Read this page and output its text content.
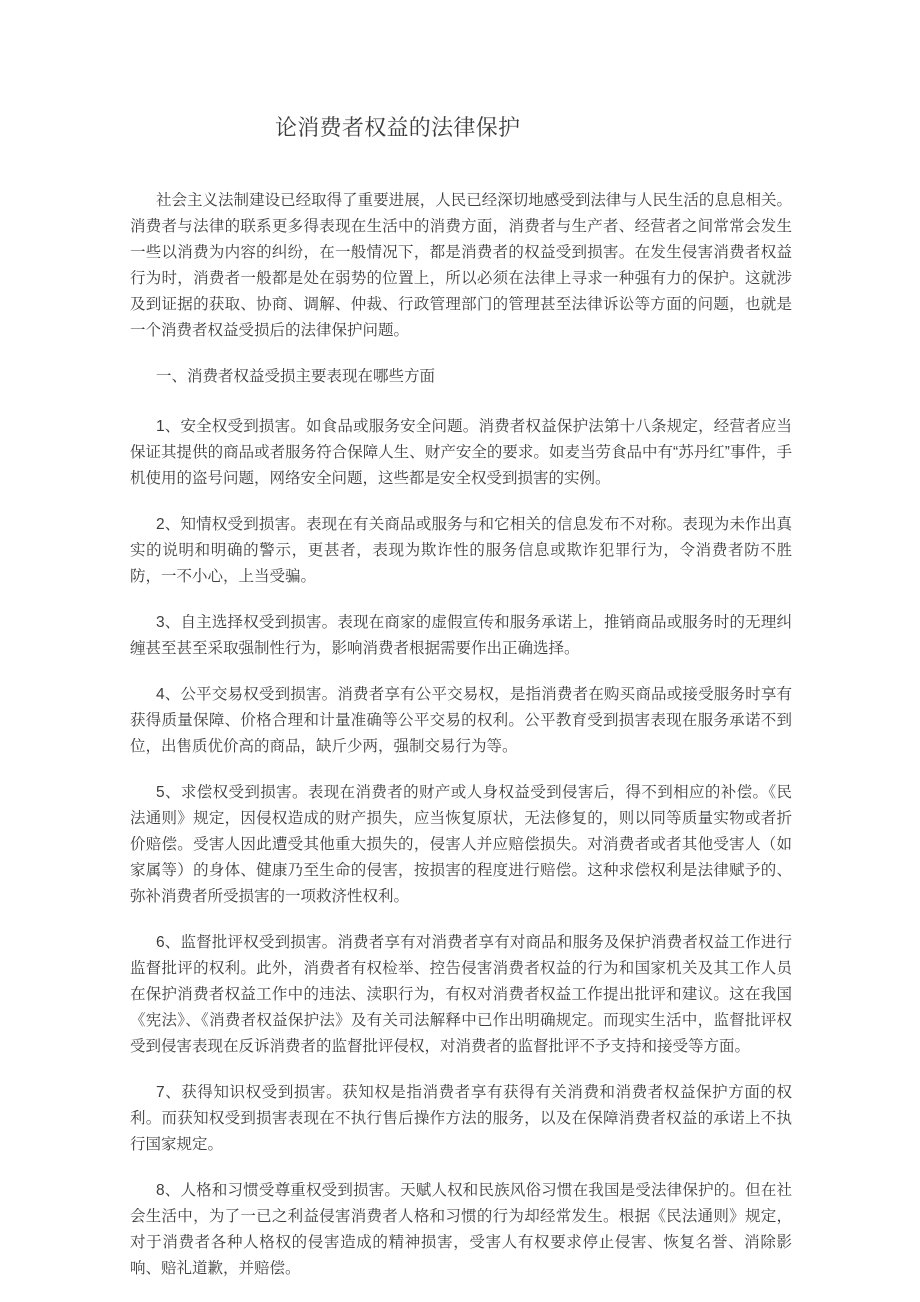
论消费者权益的法律保护

社会主义法制建设已经取得了重要进展，人民已经深切地感受到法律与人民生活的息息相关。消费者与法律的联系更多得表现在生活中的消费方面，消费者与生产者、经营者之间常常会发生一些以消费为内容的纠纷，在一般情况下，都是消费者的权益受到损害。在发生侵害消费者权益行为时，消费者一般都是处在弱势的位置上，所以必须在法律上寻求一种强有力的保护。这就涉及到证据的获取、协商、调解、仲裁、行政管理部门的管理甚至法律诉讼等方面的问题，也就是一个消费者权益受损后的法律保护问题。

一、消费者权益受损主要表现在哪些方面

1、安全权受到损害。如食品或服务安全问题。消费者权益保护法第十八条规定，经营者应当保证其提供的商品或者服务符合保障人生、财产安全的要求。如麦当劳食品中有“苏丹红”事件，手机使用的盗号问题，网络安全问题，这些都是安全权受到损害的实例。

2、知情权受到损害。表现在有关商品或服务与和它相关的信息发布不对称。表现为未作出真实的说明和明确的警示，更甚者，表现为欺诈性的服务信息或欺诈犯罪行为，令消费者防不胜防，一不小心，上当受骗。

3、自主选择权受到损害。表现在商家的虚假宣传和服务承诺上，推销商品或服务时的无理纠缠甚至甚至采取强制性行为，影响消费者根据需要作出正确选择。

4、公平交易权受到损害。消费者享有公平交易权，是指消费者在购买商品或接受服务时享有获得质量保障、价格合理和计量准确等公平交易的权利。公平教育受到损害表现在服务承诺不到位，出售质优价高的商品，缺斤少两，强制交易行为等。

5、求偿权受到损害。表现在消费者的财产或人身权益受到侵害后，得不到相应的补偿。《民法通则》规定，因侵权造成的财产损失，应当恢复原状，无法修复的，则以同等质量实物或者折价赔偿。受害人因此遭受其他重大损失的，侵害人并应赔偿损失。对消费者或者其他受害人（如家属等）的身体、健康乃至生命的侵害，按损害的程度进行赔偿。这种求偿权利是法律赋予的、弥补消费者所受损害的一项救济性权利。

6、监督批评权受到损害。消费者享有对消费者享有对商品和服务及保护消费者权益工作进行监督批评的权利。此外，消费者有权检举、控告侵害消费者权益的行为和国家机关及其工作人员在保护消费者权益工作中的违法、渎职行为，有权对消费者权益工作提出批评和建议。这在我国《宪法》、《消费者权益保护法》及有关司法解释中已作出明确规定。而现实生活中，监督批评权受到侵害表现在反诉消费者的监督批评侵权，对消费者的监督批评不予支持和接受等方面。

7、获得知识权受到损害。获知权是指消费者享有获得有关消费和消费者权益保护方面的权利。而获知权受到损害表现在不执行售后操作方法的服务，以及在保障消费者权益的承诺上不执行国家规定。

8、人格和习惯受尊重权受到损害。天赋人权和民族风俗习惯在我国是受法律保护的。但在社会生活中，为了一已之利益侵害消费者人格和习惯的行为却经常发生。根据《民法通则》规定，对于消费者各种人格权的侵害造成的精神损害，受害人有权要求停止侵害、恢复名誉、消除影响、赔礼道歉，并赔偿。
